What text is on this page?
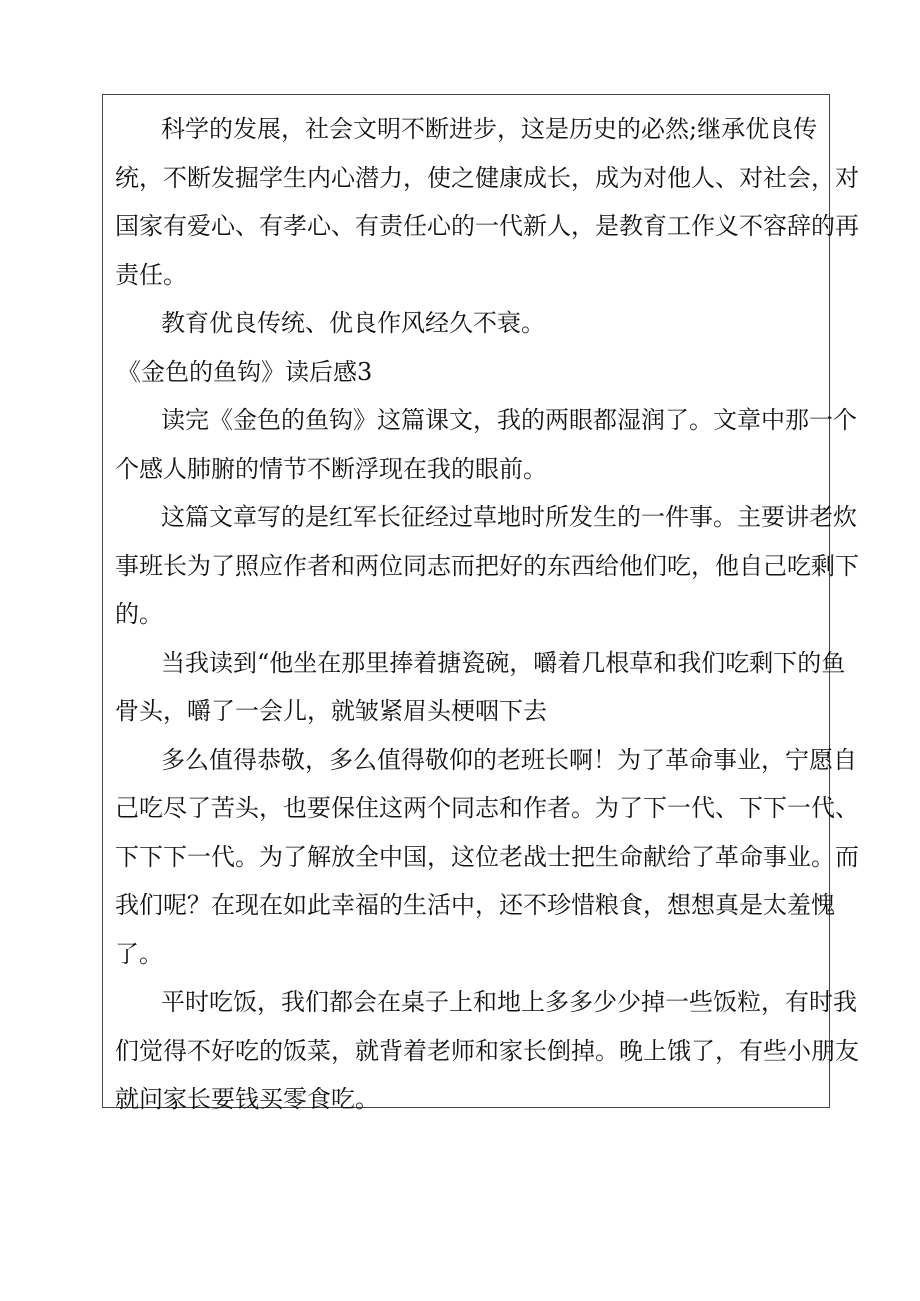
科学的发展，社会文明不断进步，这是历史的必然;继承优良传
统，不断发掘学生内心潜力，使之健康成长，成为对他人、对社会，对
国家有爱心、有孝心、有责任心的一代新人，是教育工作义不容辞的再
责任。
教育优良传统、优良作风经久不衰。
《金色的鱼钩》读后感3
读完《金色的鱼钩》这篇课文，我的两眼都湿润了。文章中那一个
个感人肺腑的情节不断浮现在我的眼前。
这篇文章写的是红军长征经过草地时所发生的一件事。主要讲老炊
事班长为了照应作者和两位同志而把好的东西给他们吃，他自己吃剩下
的。
当我读到“他坐在那里捧着搪瓷碗，嚼着几根草和我们吃剩下的鱼
骨头，嚼了一会儿，就皱紧眉头梗咽下去
多么值得恭敬，多么值得敬仰的老班长啊！为了革命事业，宁愿自
己吃尽了苦头，也要保住这两个同志和作者。为了下一代、下下一代、
下下下一代。为了解放全中国，这位老战士把生命献给了革命事业。而
我们呢？在现在如此幸福的生活中，还不珍惜粮食，想想真是太羞愧
了。
平时吃饭，我们都会在桌子上和地上多多少少掉一些饭粒，有时我
们觉得不好吃的饭菜，就背着老师和家长倒掉。晚上饿了，有些小朋友
就问家长要钱买零食吃。
